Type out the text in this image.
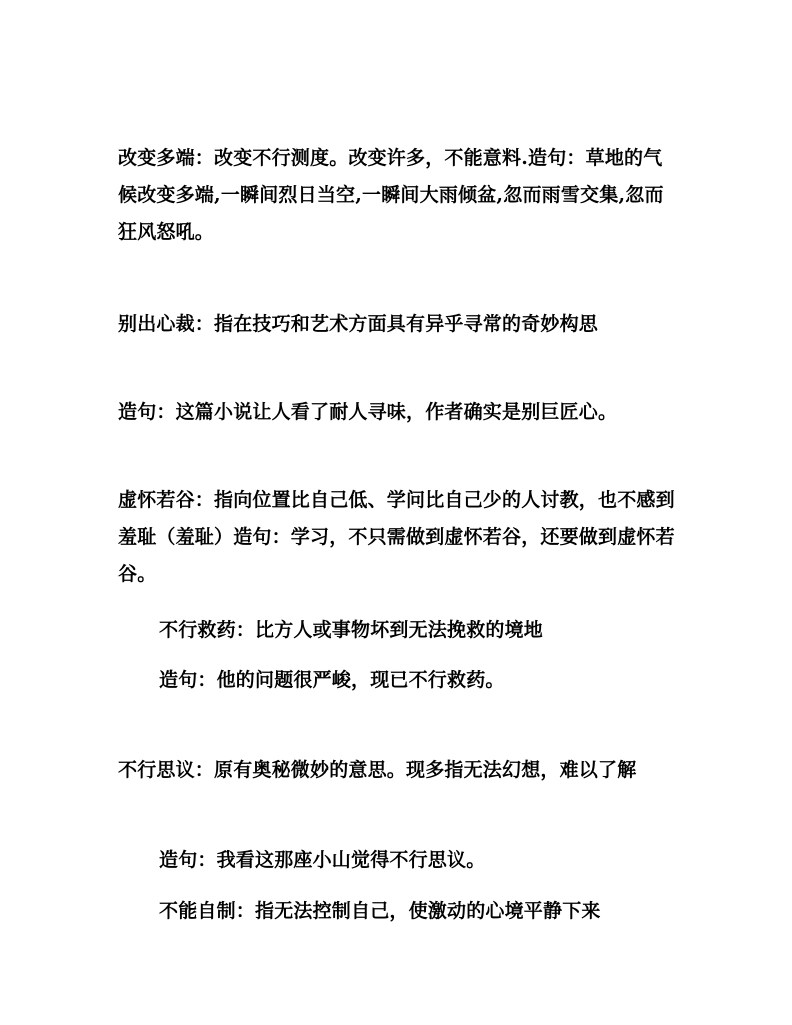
改变多端：改变不行测度。改变许多，不能意料.造句：草地的气候改变多端,一瞬间烈日当空,一瞬间大雨倾盆,忽而雨雪交集,忽而狂风怒吼。

别出心裁：指在技巧和艺术方面具有异乎寻常的奇妙构思

造句：这篇小说让人看了耐人寻味，作者确实是别巨匠心。

虚怀若谷：指向位置比自己低、学问比自己少的人讨教，也不感到羞耻（羞耻）造句：学习，不只需做到虚怀若谷，还要做到虚怀若谷。

不行救药：比方人或事物坏到无法挽救的境地

造句：他的问题很严峻，现已不行救药。

不行思议：原有奥秘微妙的意思。现多指无法幻想，难以了解

造句：我看这那座小山觉得不行思议。

不能自制：指无法控制自己，使激动的心境平静下来
